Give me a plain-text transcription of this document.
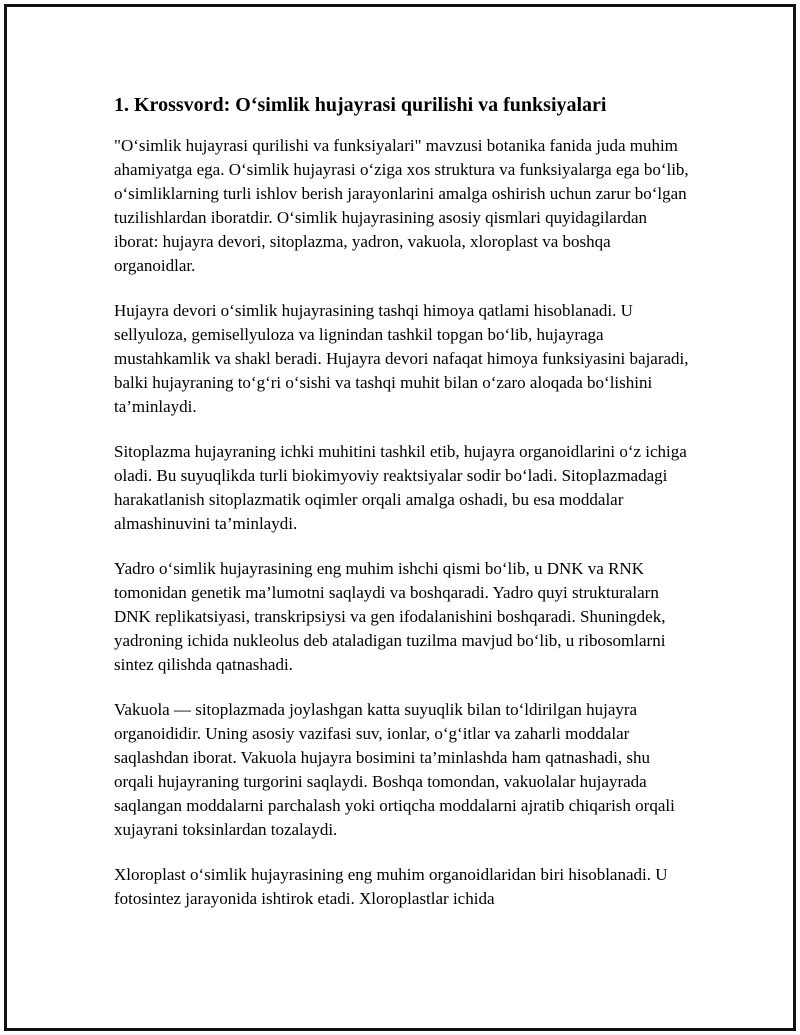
1. Krossvord: O‘simlik hujayrasi qurilishi va funksiyalari

"O‘simlik hujayrasi qurilishi va funksiyalari" mavzusi botanika fanida juda muhim ahamiyatga ega. O‘simlik hujayrasi o‘ziga xos struktura va funksiyalarga ega bo‘lib, o‘simliklarning turli ishlov berish jarayonlarini amalga oshirish uchun zarur bo‘lgan tuzilishlardan iboratdir. O‘simlik hujayrasining asosiy qismlari quyidagilardan iborat: hujayra devori, sitoplazma, yadron, vakuola, xloroplast va boshqa organoidlar.

Hujayra devori o‘simlik hujayrasining tashqi himoya qatlami hisoblanadi. U sellyuloza, gemisellyuloza va lignindan tashkil topgan bo‘lib, hujayraga mustahkamlik va shakl beradi. Hujayra devori nafaqat himoya funksiyasini bajaradi, balki hujayraning to‘g‘ri o‘sishi va tashqi muhit bilan o‘zaro aloqada bo‘lishini ta’minlaydi.

Sitoplazma hujayraning ichki muhitini tashkil etib, hujayra organoidlarini o‘z ichiga oladi. Bu suyuqlikda turli biokimyoviy reaktsiyalar sodir bo‘ladi. Sitoplazmadagi harakatlanish sitoplazmatik oqimler orqali amalga oshadi, bu esa moddalar almashinuvini ta’minlaydi.

Yadro o‘simlik hujayrasining eng muhim ishchi qismi bo‘lib, u DNK va RNK tomonidan genetik ma’lumotni saqlaydi va boshqaradi. Yadro quyi strukturalarn DNK replikatsiyasi, transkripsiysi va gen ifodalanishini boshqaradi. Shuningdek, yadroning ichida nukleolus deb ataladigan tuzilma mavjud bo‘lib, u ribosomlarni sintez qilishda qatnashadi.

Vakuola — sitoplazmada joylashgan katta suyuqlik bilan to‘ldirilgan hujayra organoididir. Uning asosiy vazifasi suv, ionlar, o‘g‘itlar va zaharli moddalar saqlashdan iborat. Vakuola hujayra bosimini ta’minlashda ham qatnashadi, shu orqali hujayraning turgorini saqlaydi. Boshqa tomondan, vakuolalar hujayrada saqlangan moddalarni parchalash yoki ortiqcha moddalarni ajratib chiqarish orqali xujayrani toksinlardan tozalaydi.

Xloroplast o‘simlik hujayrasining eng muhim organoidlaridan biri hisoblanadi. U fotosintez jarayonida ishtirok etadi. Xloroplastlar ichida
